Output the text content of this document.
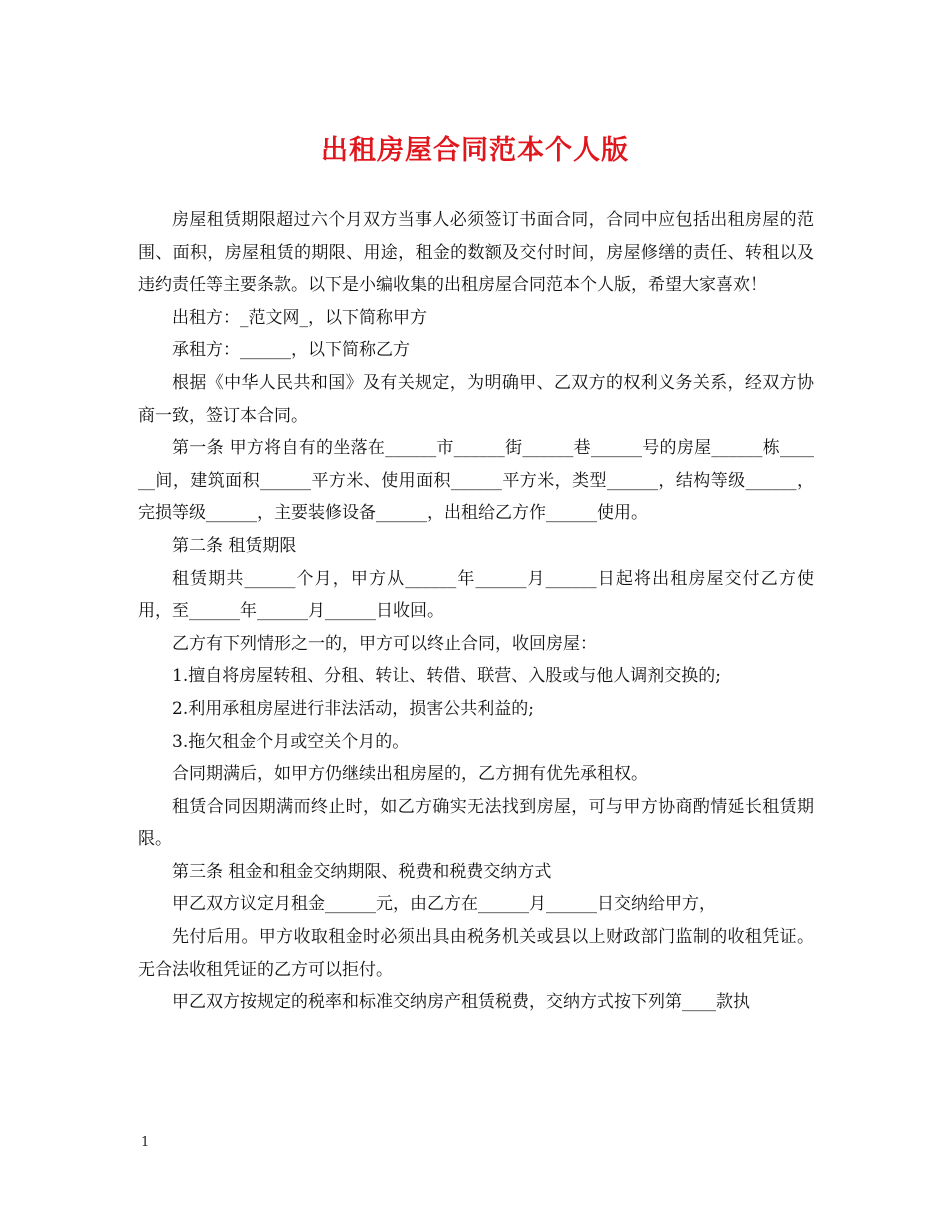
出租房屋合同范本个人版

房屋租赁期限超过六个月双方当事人必须签订书面合同，合同中应包括出租房屋的范围、面积，房屋租赁的期限、用途，租金的数额及交付时间，房屋修缮的责任、转租以及违约责任等主要条款。以下是小编收集的出租房屋合同范本个人版，希望大家喜欢！

出租方：_范文网_，以下简称甲方

承租方：______，以下简称乙方

根据《中华人民共和国》及有关规定，为明确甲、乙双方的权利义务关系，经双方协商一致，签订本合同。

第一条 甲方将自有的坐落在______市______街______巷______号的房屋______栋______间，建筑面积______平方米、使用面积______平方米，类型______，结构等级______，完损等级______，主要装修设备______，出租给乙方作______使用。

第二条 租赁期限

租赁期共______个月，甲方从______年______月______日起将出租房屋交付乙方使用，至______年______月______日收回。

乙方有下列情形之一的，甲方可以终止合同，收回房屋：

1.擅自将房屋转租、分租、转让、转借、联营、入股或与他人调剂交换的;

2.利用承租房屋进行非法活动，损害公共利益的;

3.拖欠租金个月或空关个月的。

合同期满后，如甲方仍继续出租房屋的，乙方拥有优先承租权。

租赁合同因期满而终止时，如乙方确实无法找到房屋，可与甲方协商酌情延长租赁期限。

第三条 租金和租金交纳期限、税费和税费交纳方式

甲乙双方议定月租金______元，由乙方在______月______日交纳给甲方，

先付后用。甲方收取租金时必须出具由税务机关或县以上财政部门监制的收租凭证。无合法收租凭证的乙方可以拒付。

甲乙双方按规定的税率和标准交纳房产租赁税费，交纳方式按下列第____款执

1
